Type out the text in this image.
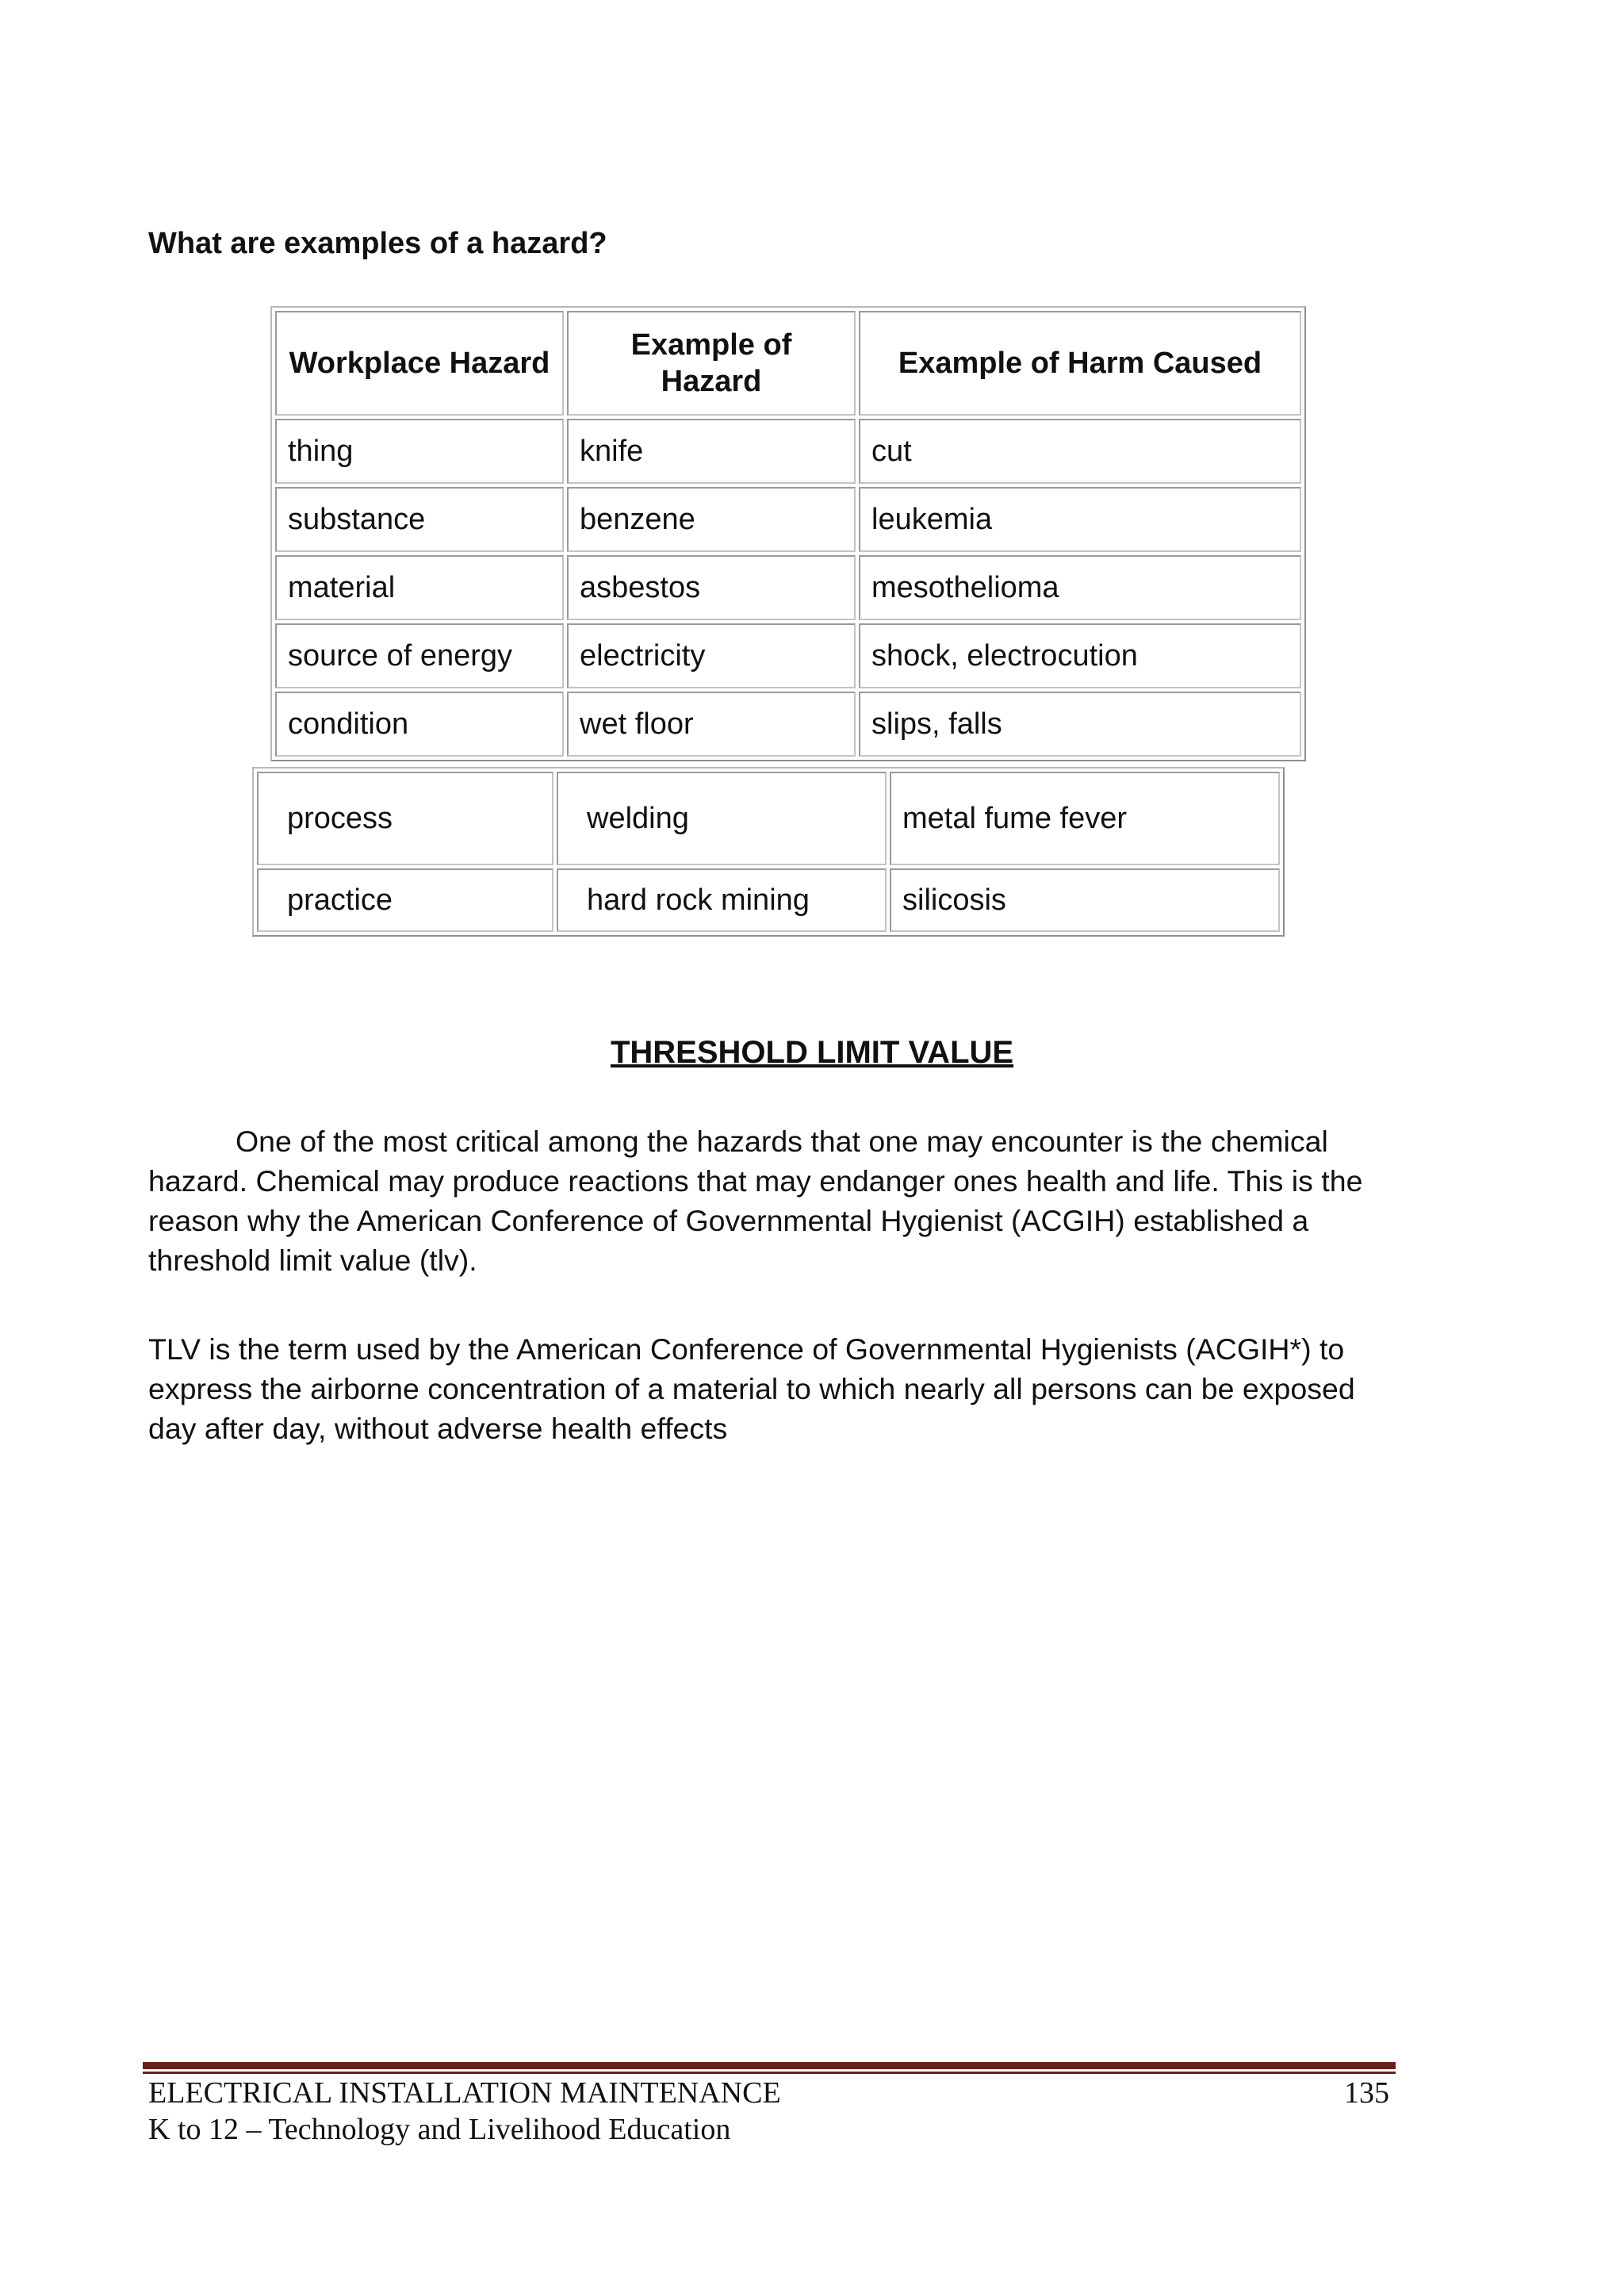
What are examples of a hazard?
Workplace Hazard	Example of Hazard	Example of Harm Caused
thing	knife	cut
substance	benzene	leukemia
material	asbestos	mesothelioma
source of energy	electricity	shock, electrocution
condition	wet floor	slips, falls
process	welding	metal fume fever
practice	hard rock mining	silicosis
THRESHOLD LIMIT VALUE

One of the most critical among the hazards that one may encounter is the chemical hazard. Chemical may produce reactions that may endanger ones health and life. This is the reason why the American Conference of Governmental Hygienist (ACGIH) established a threshold limit value (tlv).

TLV is the term used by the American Conference of Governmental Hygienists (ACGIH*) to express the airborne concentration of a material to which nearly all persons can be exposed day after day, without adverse health effects

ELECTRICAL INSTALLATION MAINTENANCE

K to 12 – Technology and Livelihood Education

135
